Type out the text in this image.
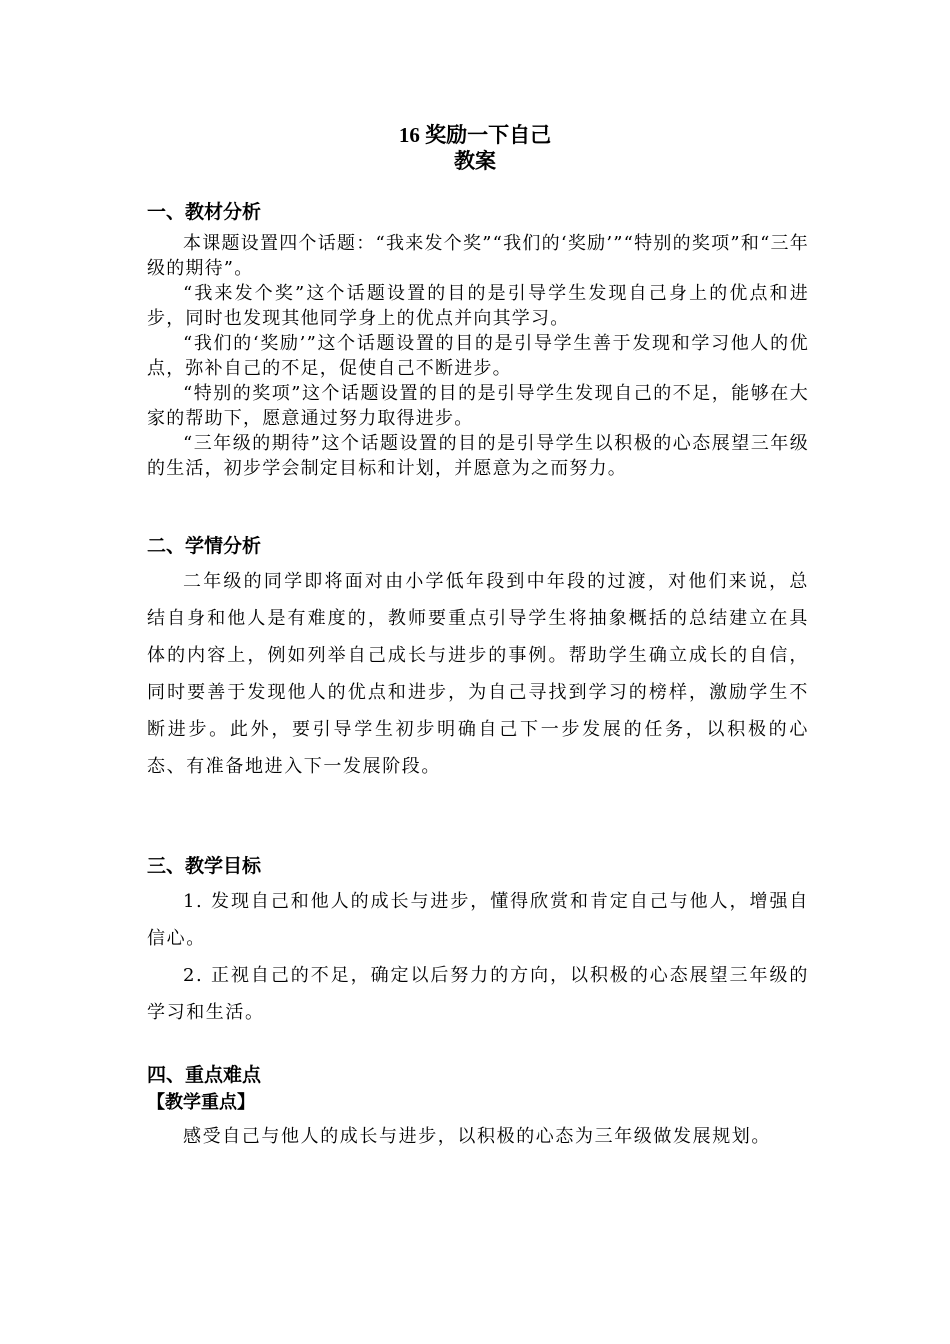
16 奖励一下自己
教案
一、教材分析

本课题设置四个话题：“我来发个奖”“我们的‘奖励’”“特别的奖项”和“三年级的期待”。

“我来发个奖”这个话题设置的目的是引导学生发现自己身上的优点和进步，同时也发现其他同学身上的优点并向其学习。

“我们的‘奖励’”这个话题设置的目的是引导学生善于发现和学习他人的优点，弥补自己的不足，促使自己不断进步。

“特别的奖项”这个话题设置的目的是引导学生发现自己的不足，能够在大家的帮助下，愿意通过努力取得进步。

“三年级的期待”这个话题设置的目的是引导学生以积极的心态展望三年级的生活，初步学会制定目标和计划，并愿意为之而努力。

二、学情分析

二年级的同学即将面对由小学低年段到中年段的过渡，对他们来说，总结自身和他人是有难度的，教师要重点引导学生将抽象概括的总结建立在具体的内容上，例如列举自己成长与进步的事例。帮助学生确立成长的自信，同时要善于发现他人的优点和进步，为自己寻找到学习的榜样，激励学生不断进步。此外，要引导学生初步明确自己下一步发展的任务，以积极的心态、有准备地进入下一发展阶段。

三、教学目标

1. 发现自己和他人的成长与进步，懂得欣赏和肯定自己与他人，增强自信心。

2. 正视自己的不足，确定以后努力的方向，以积极的心态展望三年级的学习和生活。

四、重点难点
【教学重点】

感受自己与他人的成长与进步，以积极的心态为三年级做发展规划。
